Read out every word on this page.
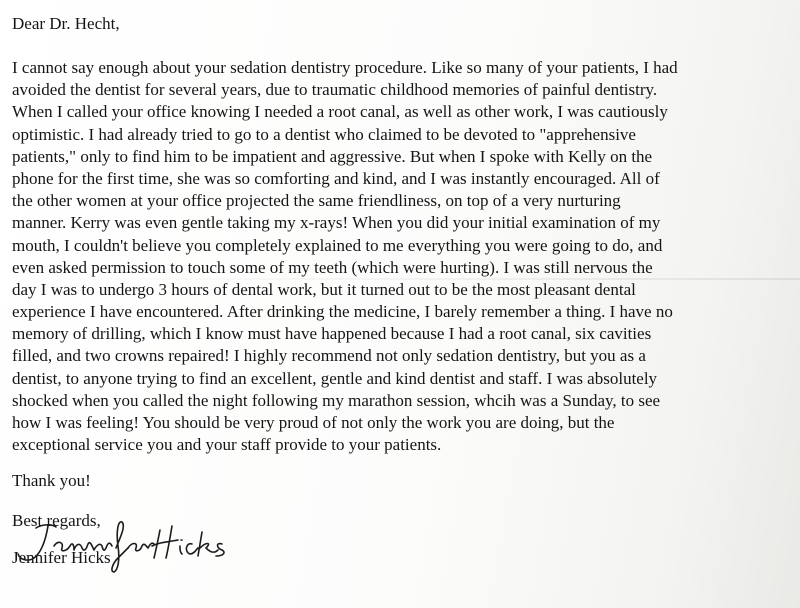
Dear Dr. Hecht,
I cannot say enough about your sedation dentistry procedure. Like so many of your patients, I had
avoided the dentist for several years, due to traumatic childhood memories of painful dentistry.
When I called your office knowing I needed a root canal, as well as other work, I was cautiously
optimistic. I had already tried to go to a dentist who claimed to be devoted to "apprehensive
patients," only to find him to be impatient and aggressive. But when I spoke with Kelly on the
phone for the first time, she was so comforting and kind, and I was instantly encouraged. All of
the other women at your office projected the same friendliness, on top of a very nurturing
manner. Kerry was even gentle taking my x-rays! When you did your initial examination of my
mouth, I couldn't believe you completely explained to me everything you were going to do, and
even asked permission to touch some of my teeth (which were hurting). I was still nervous the
day I was to undergo 3 hours of dental work, but it turned out to be the most pleasant dental
experience I have encountered. After drinking the medicine, I barely remember a thing. I have no
memory of drilling, which I know must have happened because I had a root canal, six cavities
filled, and two crowns repaired! I highly recommend not only sedation dentistry, but you as a
dentist, to anyone trying to find an excellent, gentle and kind dentist and staff. I was absolutely
shocked when you called the night following my marathon session, whcih was a Sunday, to see
how I was feeling! You should be very proud of not only the work you are doing, but the
exceptional service you and your staff provide to your patients.
Thank you!
Best regards,
Jennifer Hicks
